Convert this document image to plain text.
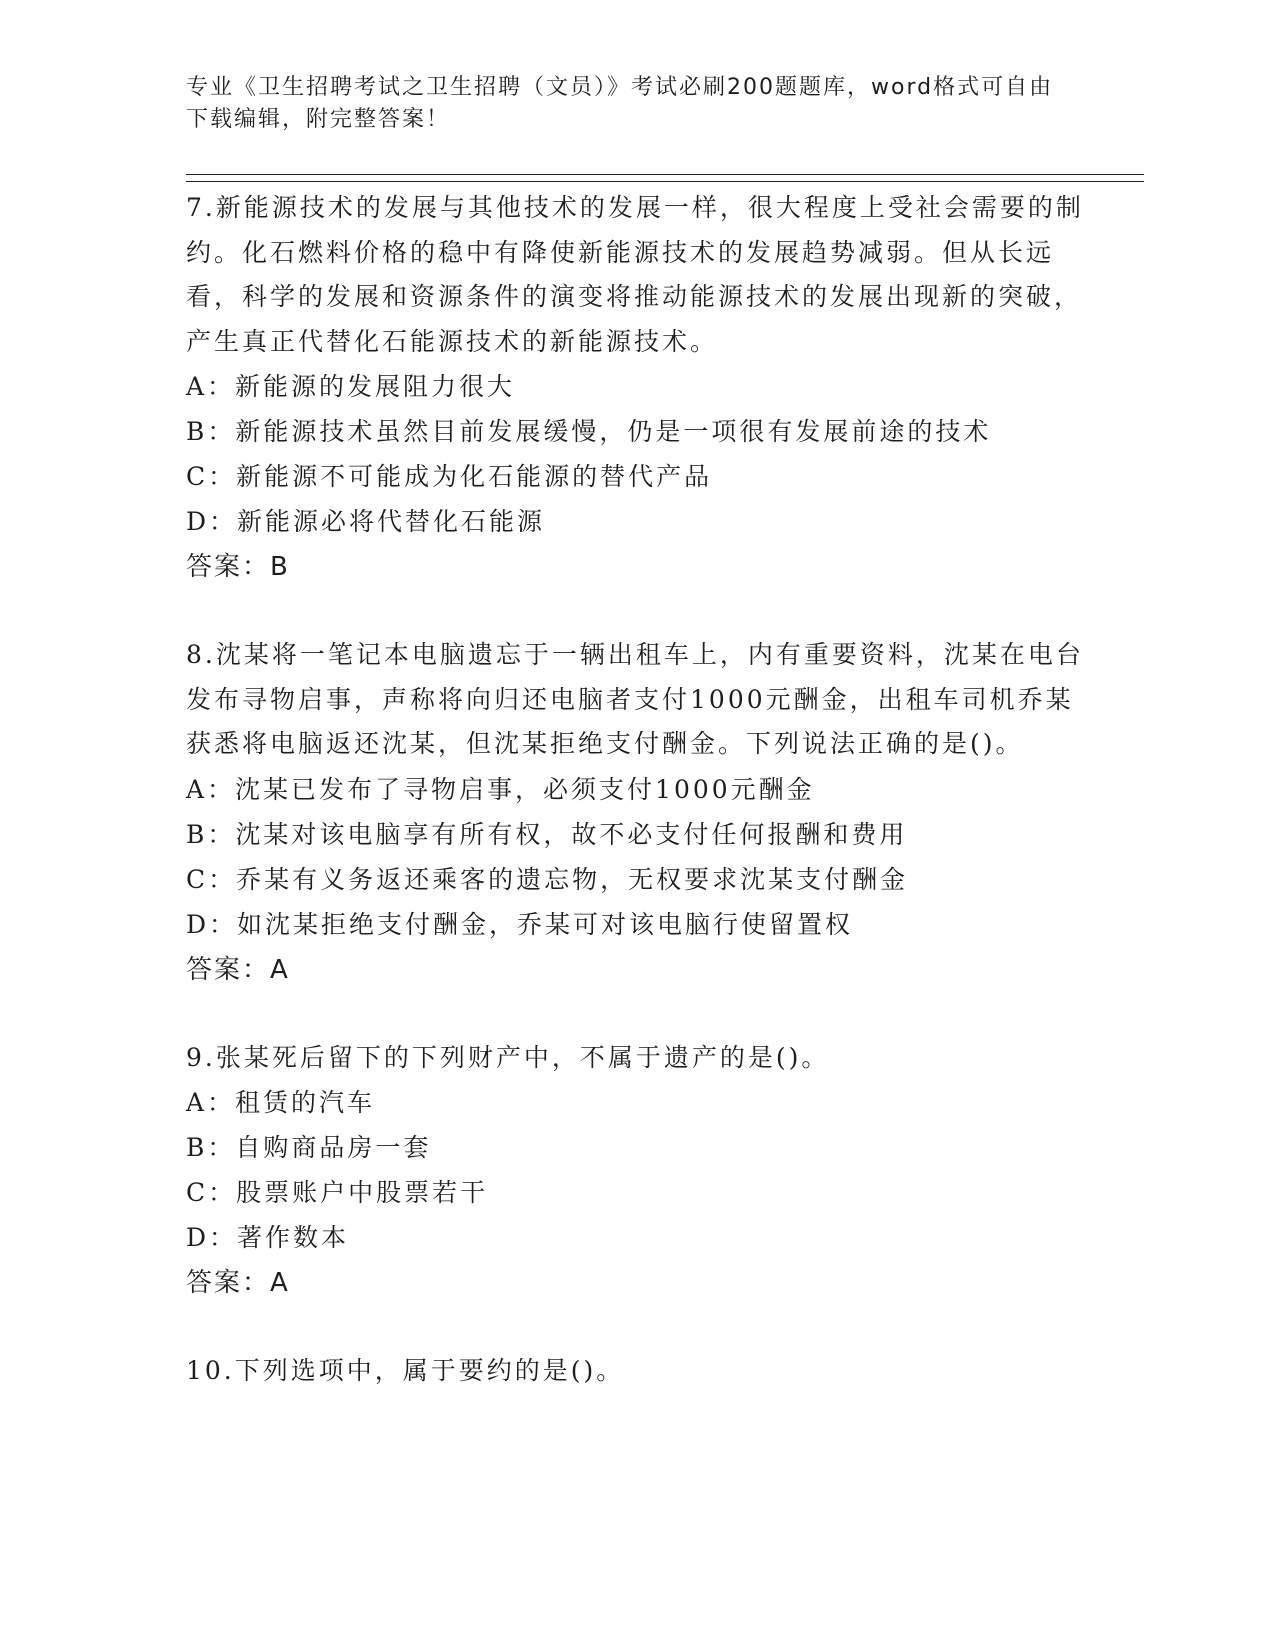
专业《卫生招聘考试之卫生招聘（文员）》考试必刷200题题库，word格式可自由下载编辑，附完整答案！

7.新能源技术的发展与其他技术的发展一样，很大程度上受社会需要的制约。化石燃料价格的稳中有降使新能源技术的发展趋势减弱。但从长远看，科学的发展和资源条件的演变将推动能源技术的发展出现新的突破，产生真正代替化石能源技术的新能源技术。

A：新能源的发展阻力很大

B：新能源技术虽然目前发展缓慢，仍是一项很有发展前途的技术

C：新能源不可能成为化石能源的替代产品

D：新能源必将代替化石能源

答案：B

8.沈某将一笔记本电脑遗忘于一辆出租车上，内有重要资料，沈某在电台发布寻物启事，声称将向归还电脑者支付1000元酬金，出租车司机乔某获悉将电脑返还沈某，但沈某拒绝支付酬金。下列说法正确的是()。

A：沈某已发布了寻物启事，必须支付1000元酬金

B：沈某对该电脑享有所有权，故不必支付任何报酬和费用

C：乔某有义务返还乘客的遗忘物，无权要求沈某支付酬金

D：如沈某拒绝支付酬金，乔某可对该电脑行使留置权

答案：A

9.张某死后留下的下列财产中，不属于遗产的是()。

A：租赁的汽车

B：自购商品房一套

C：股票账户中股票若干

D：著作数本

答案：A

10.下列选项中，属于要约的是()。
